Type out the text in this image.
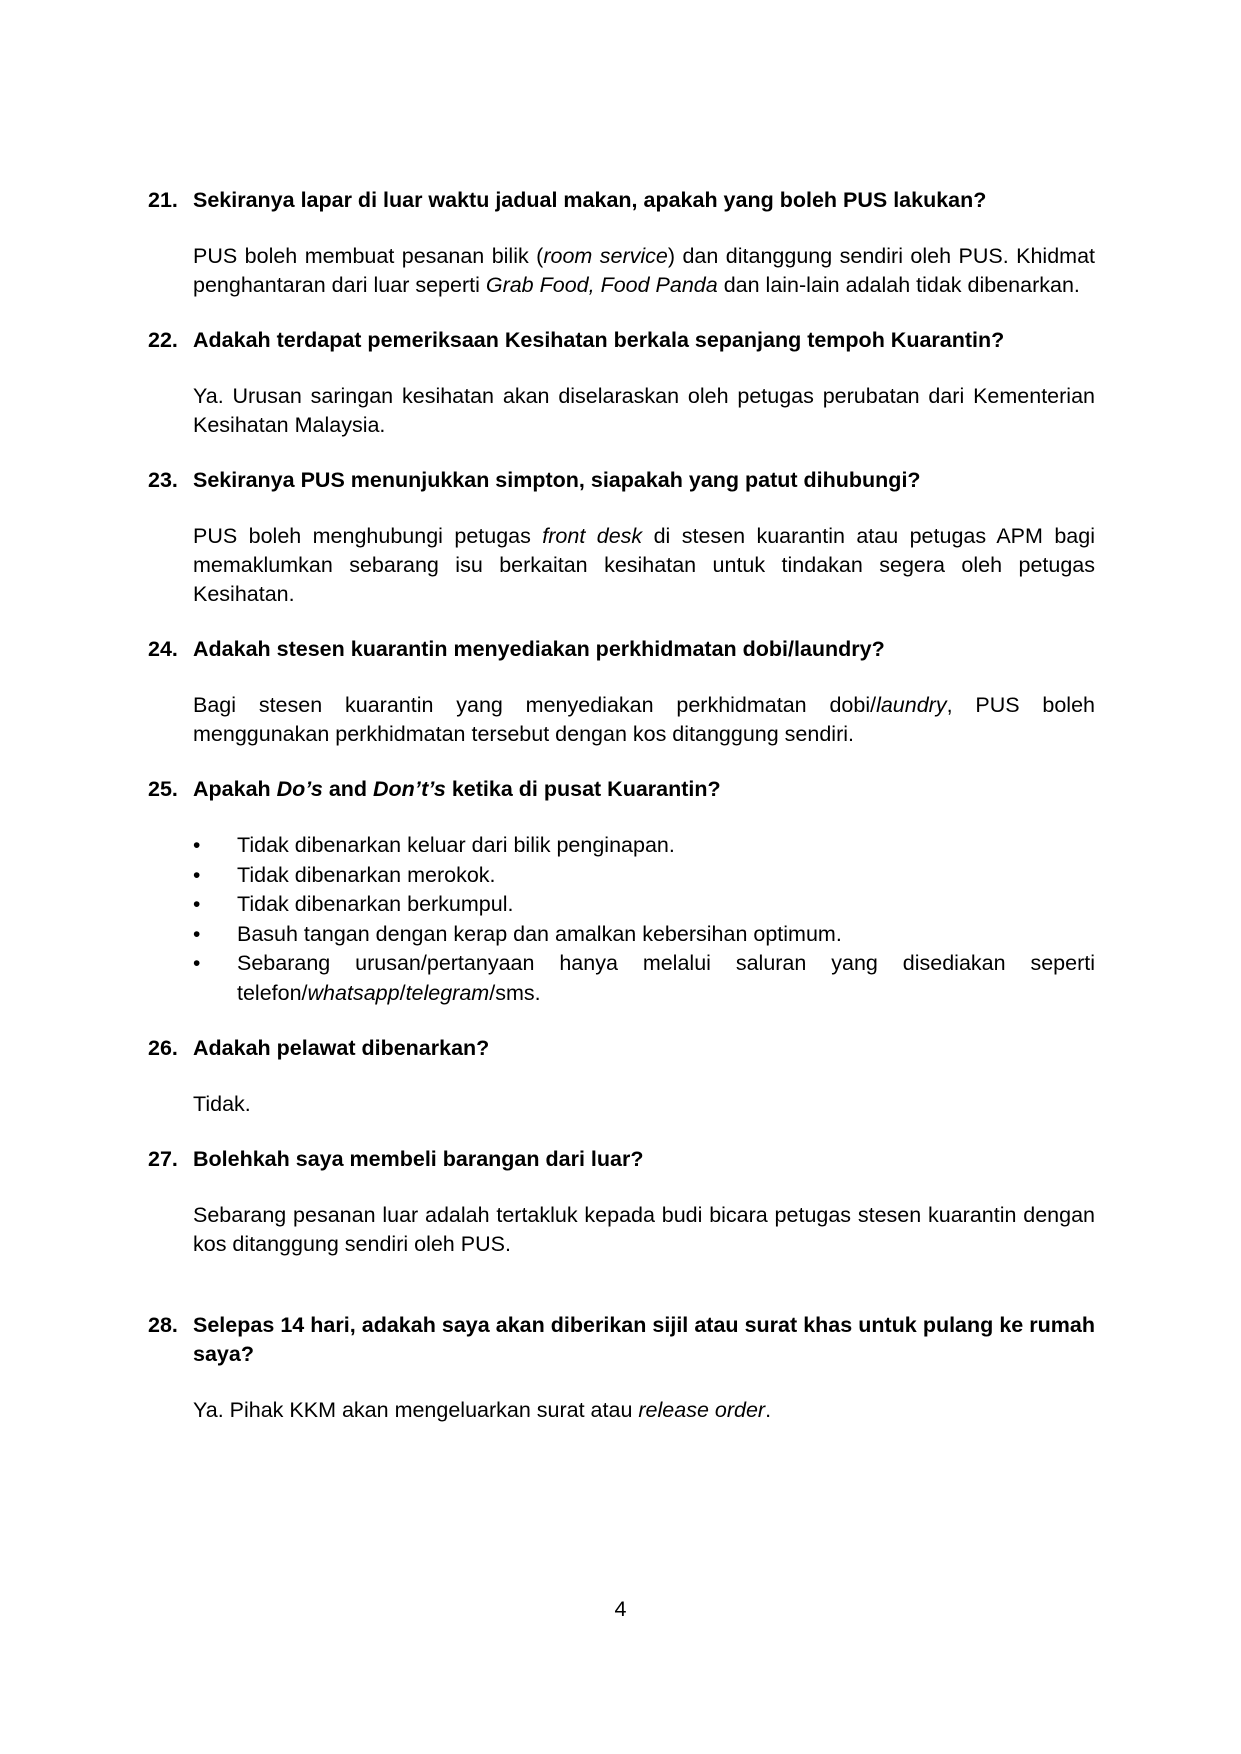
21. Sekiranya lapar di luar waktu jadual makan, apakah yang boleh PUS lakukan?
PUS boleh membuat pesanan bilik (room service) dan ditanggung sendiri oleh PUS. Khidmat penghantaran dari luar seperti Grab Food, Food Panda dan lain-lain adalah tidak dibenarkan.
22. Adakah terdapat pemeriksaan Kesihatan berkala sepanjang tempoh Kuarantin?
Ya. Urusan saringan kesihatan akan diselaraskan oleh petugas perubatan dari Kementerian Kesihatan Malaysia.
23. Sekiranya PUS menunjukkan simpton, siapakah yang patut dihubungi?
PUS boleh menghubungi petugas front desk di stesen kuarantin atau petugas APM bagi memaklumkan sebarang isu berkaitan kesihatan untuk tindakan segera oleh petugas Kesihatan.
24. Adakah stesen kuarantin menyediakan perkhidmatan dobi/laundry?
Bagi stesen kuarantin yang menyediakan perkhidmatan dobi/laundry, PUS boleh menggunakan perkhidmatan tersebut dengan kos ditanggung sendiri.
25. Apakah Do’s and Don’t’s ketika di pusat Kuarantin?
• Tidak dibenarkan keluar dari bilik penginapan.
• Tidak dibenarkan merokok.
• Tidak dibenarkan berkumpul.
• Basuh tangan dengan kerap dan amalkan kebersihan optimum.
• Sebarang urusan/pertanyaan hanya melalui saluran yang disediakan seperti telefon/whatsapp/telegram/sms.
26. Adakah pelawat dibenarkan?
Tidak.
27. Bolehkah saya membeli barangan dari luar?
Sebarang pesanan luar adalah tertakluk kepada budi bicara petugas stesen kuarantin dengan kos ditanggung sendiri oleh PUS.
28. Selepas 14 hari, adakah saya akan diberikan sijil atau surat khas untuk pulang ke rumah saya?
Ya. Pihak KKM akan mengeluarkan surat atau release order.
4
